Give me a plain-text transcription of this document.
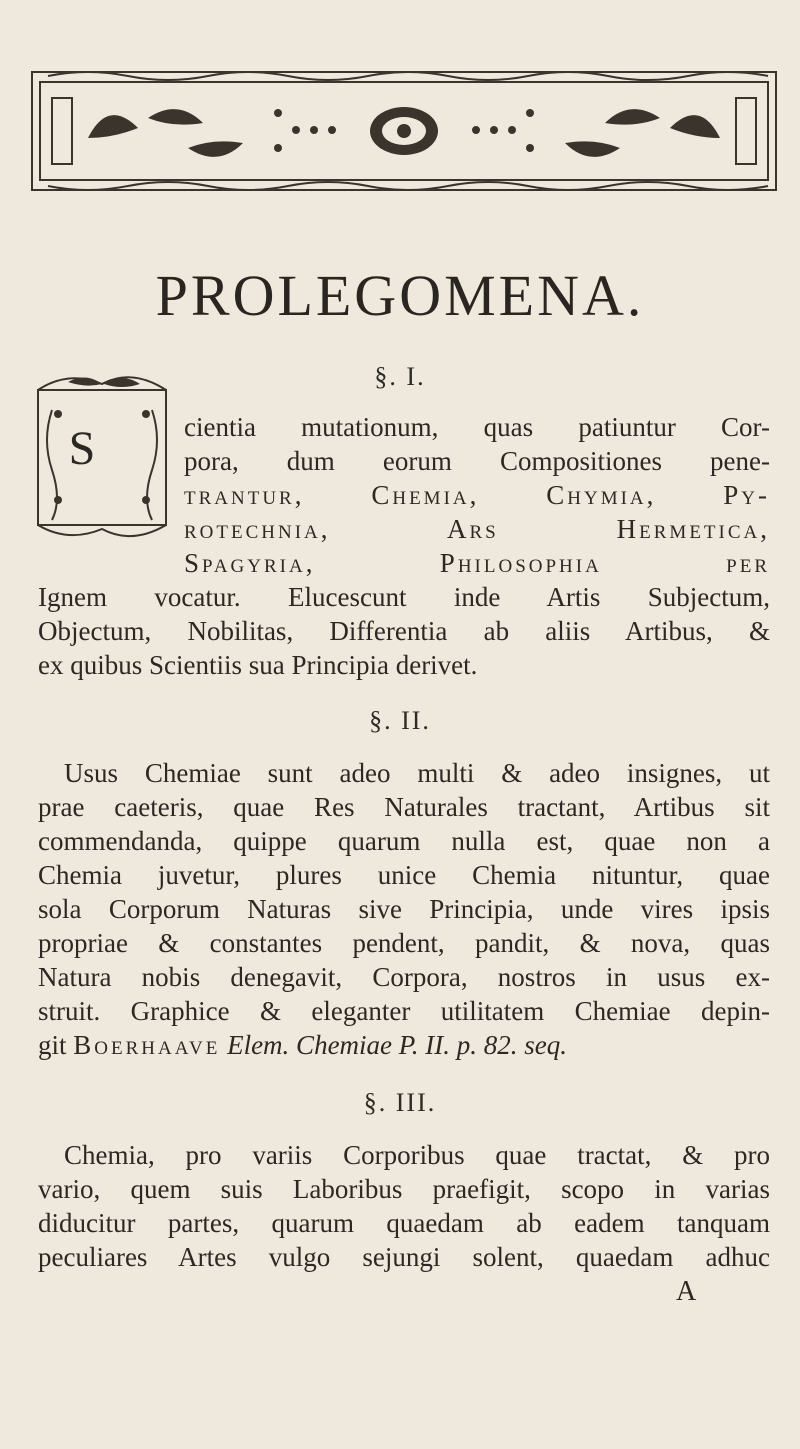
PROLEGOMENA.
§. I.
S	cientia mutationum, quas patiuntur Cor-
pora, dum eorum Compositiones pene-
trantur, Chemia, Chymia, Py-
rotechnia, Ars Hermetica,
Spagyria, Philosophia per
Ignem vocatur. Elucescunt inde Artis Subjectum,
Objectum, Nobilitas, Differentia ab aliis Artibus, &
ex quibus Scientiis sua Principia derivet.
§. II.
Usus Chemiae sunt adeo multi & adeo insignes, ut
prae caeteris, quae Res Naturales tractant, Artibus sit
commendanda, quippe quarum nulla est, quae non a
Chemia juvetur, plures unice Chemia nituntur, quae
sola Corporum Naturas sive Principia, unde vires ipsis
propriae & constantes pendent, pandit, & nova, quas
Natura nobis denegavit, Corpora, nostros in usus ex-
struit. Graphice & eleganter utilitatem Chemiae depin-
git Boerhaave Elem. Chemiae P. II. p. 82. seq.
§. III.
Chemia, pro variis Corporibus quae tractat, & pro
vario, quem suis Laboribus praefigit, scopo in varias
diducitur partes, quarum quaedam ab eadem tanquam
peculiares Artes vulgo sejungi solent, quaedam adhuc
A
